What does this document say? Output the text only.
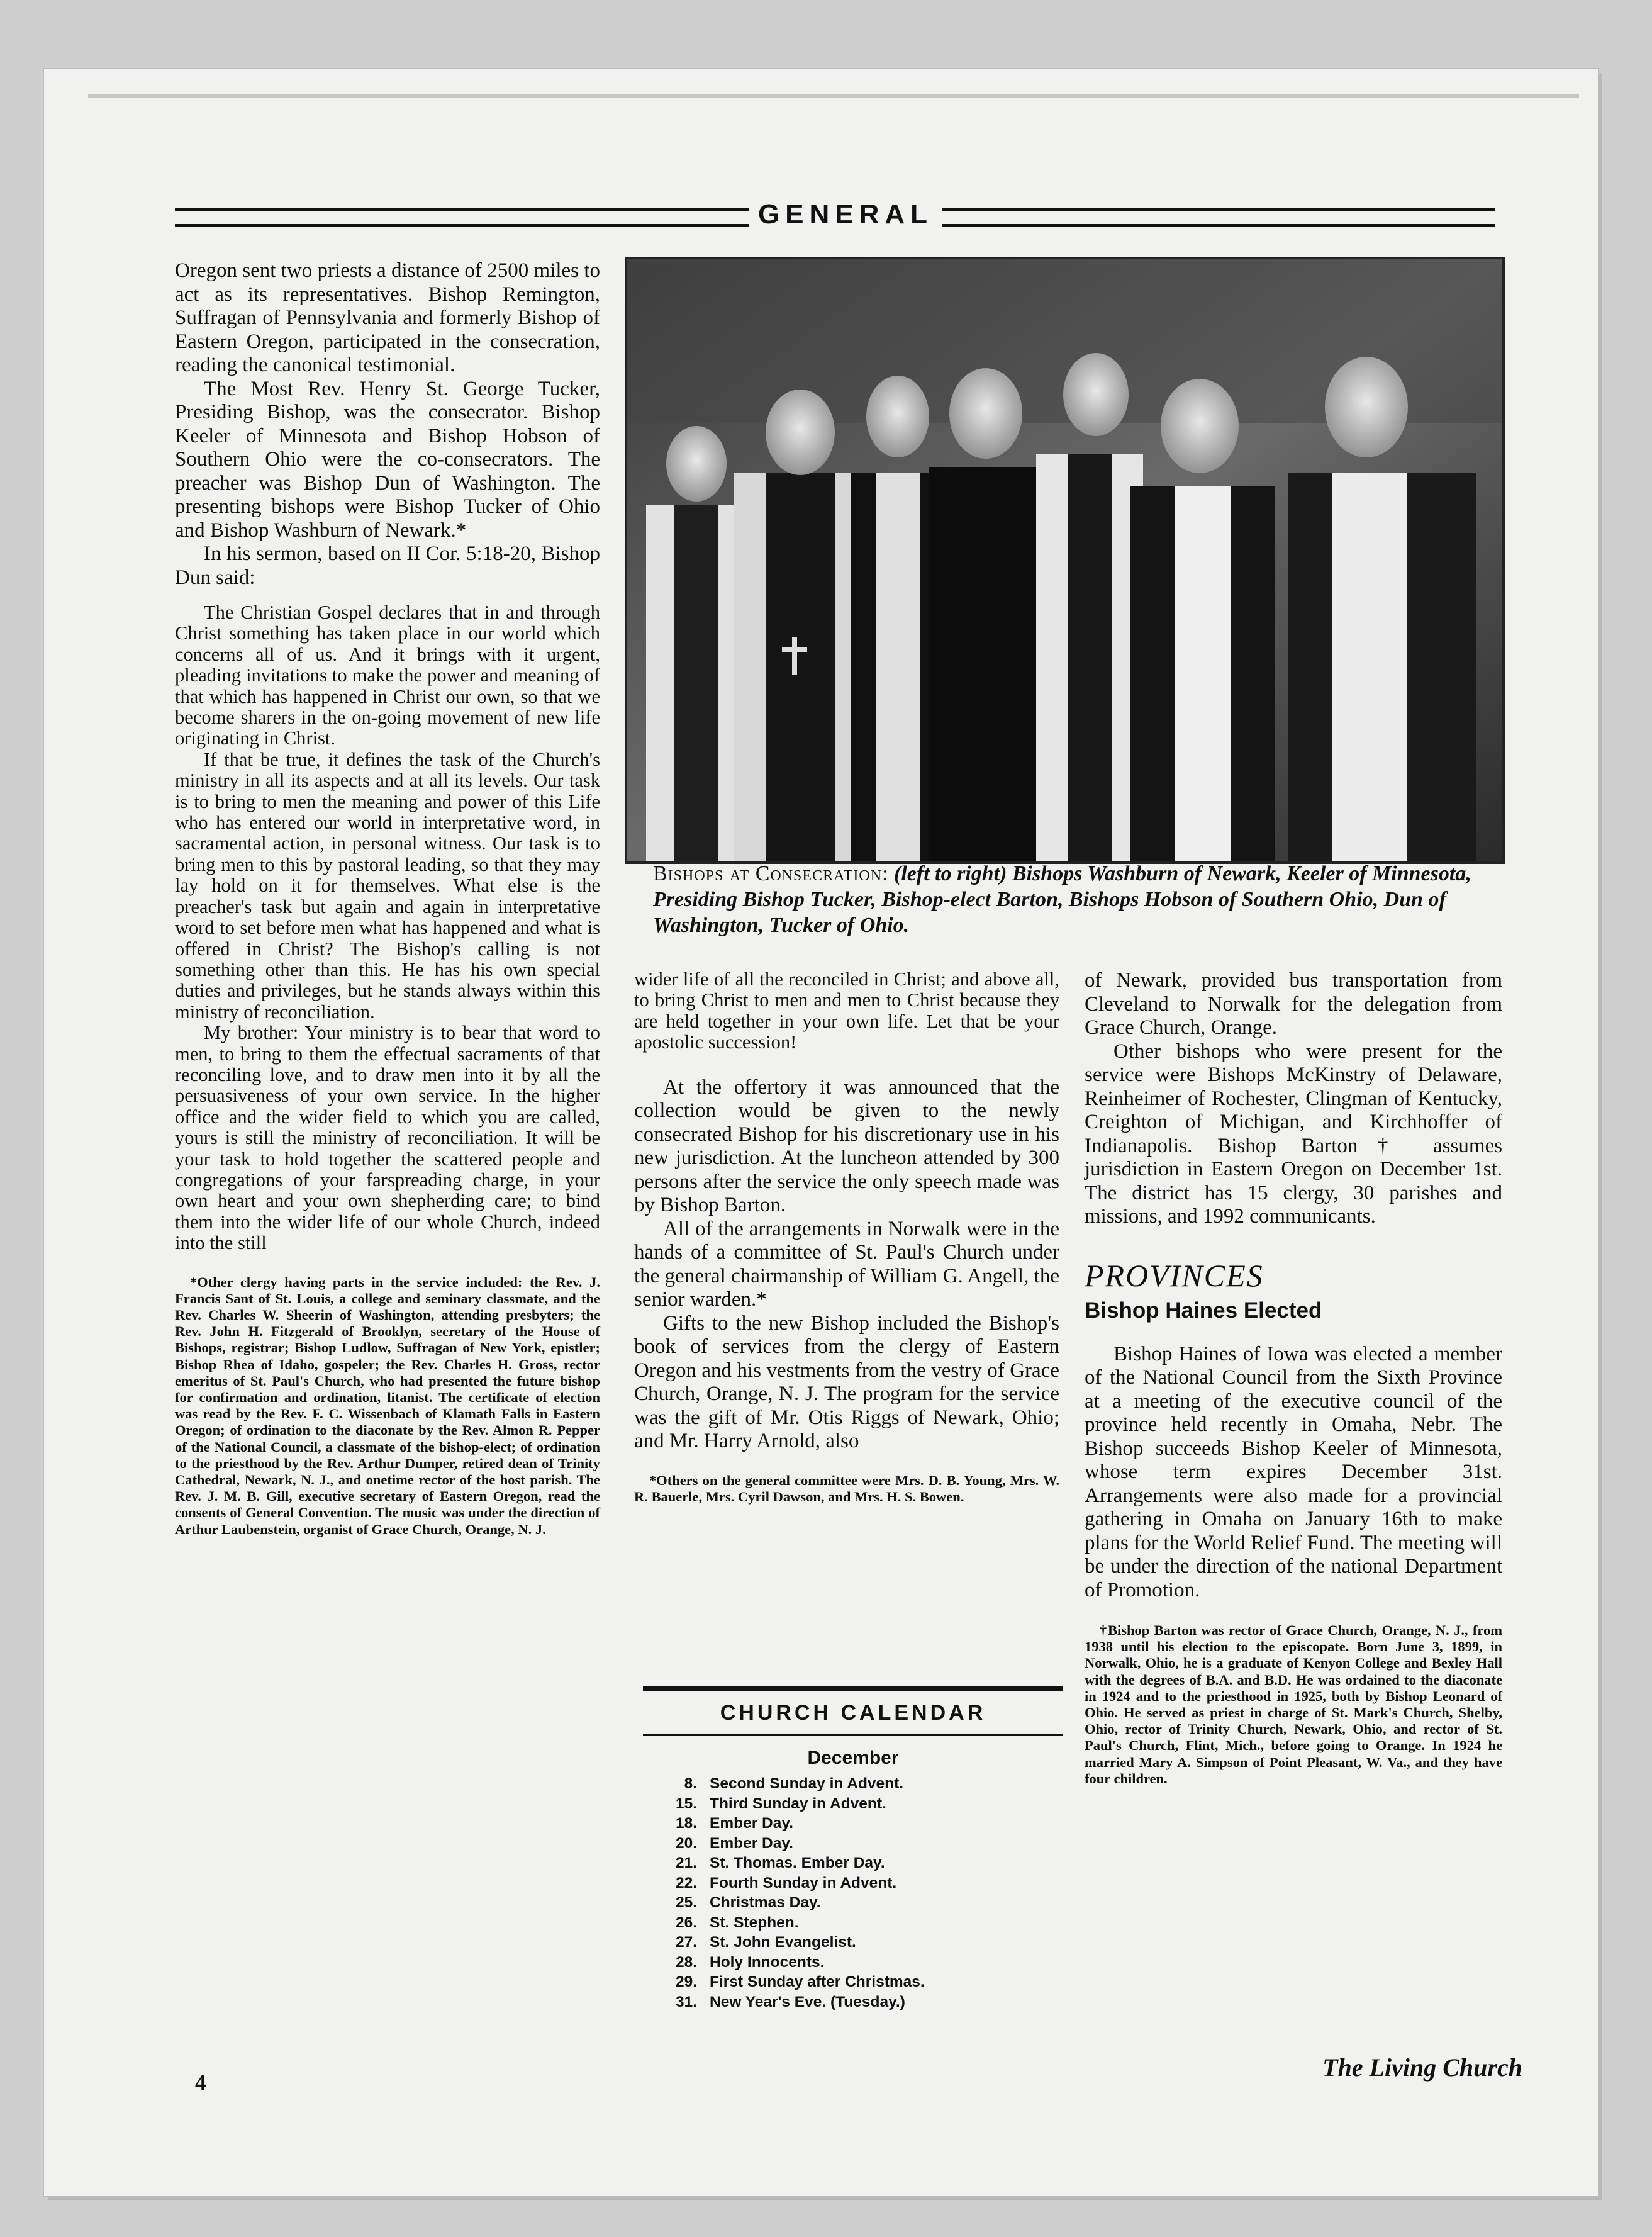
GENERAL

Oregon sent two priests a distance of 2500 miles to act as its representatives. Bishop Remington, Suffragan of Pennsylvania and formerly Bishop of Eastern Oregon, participated in the consecration, reading the canonical testimonial.

The Most Rev. Henry St. George Tucker, Presiding Bishop, was the consecrator. Bishop Keeler of Minnesota and Bishop Hobson of Southern Ohio were the co-consecrators. The preacher was Bishop Dun of Washington. The presenting bishops were Bishop Tucker of Ohio and Bishop Washburn of Newark.*

In his sermon, based on II Cor. 5:18-20, Bishop Dun said:

The Christian Gospel declares that in and through Christ something has taken place in our world which concerns all of us. And it brings with it urgent, pleading invitations to make the power and meaning of that which has happened in Christ our own, so that we become sharers in the on-going movement of new life originating in Christ.

If that be true, it defines the task of the Church's ministry in all its aspects and at all its levels. Our task is to bring to men the meaning and power of this Life who has entered our world in interpretative word, in sacramental action, in personal witness. Our task is to bring men to this by pastoral leading, so that they may lay hold on it for themselves. What else is the preacher's task but again and again in interpretative word to set before men what has happened and what is offered in Christ? The Bishop's calling is not something other than this. He has his own special duties and privileges, but he stands always within this ministry of reconciliation.

My brother: Your ministry is to bear that word to men, to bring to them the effectual sacraments of that reconciling love, and to draw men into it by all the persuasiveness of your own service. In the higher office and the wider field to which you are called, yours is still the ministry of reconciliation. It will be your task to hold together the scattered people and congregations of your farspreading charge, in your own heart and your own shepherding care; to bind them into the wider life of our whole Church, indeed into the still

*Other clergy having parts in the service included: the Rev. J. Francis Sant of St. Louis, a college and seminary classmate, and the Rev. Charles W. Sheerin of Washington, attending presbyters; the Rev. John H. Fitzgerald of Brooklyn, secretary of the House of Bishops, registrar; Bishop Ludlow, Suffragan of New York, epistler; Bishop Rhea of Idaho, gospeler; the Rev. Charles H. Gross, rector emeritus of St. Paul's Church, who had presented the future bishop for confirmation and ordination, litanist. The certificate of election was read by the Rev. F. C. Wissenbach of Klamath Falls in Eastern Oregon; of ordination to the diaconate by the Rev. Almon R. Pepper of the National Council, a classmate of the bishop-elect; of ordination to the priesthood by the Rev. Arthur Dumper, retired dean of Trinity Cathedral, Newark, N. J., and onetime rector of the host parish. The Rev. J. M. B. Gill, executive secretary of Eastern Oregon, read the consents of General Convention. The music was under the direction of Arthur Laubenstein, organist of Grace Church, Orange, N. J.

Bishops at Consecration: (left to right) Bishops Washburn of Newark, Keeler of Minnesota, Presiding Bishop Tucker, Bishop-elect Barton, Bishops Hobson of Southern Ohio, Dun of Washington, Tucker of Ohio.

wider life of all the reconciled in Christ; and above all, to bring Christ to men and men to Christ because they are held together in your own life. Let that be your apostolic succession!

At the offertory it was announced that the collection would be given to the newly consecrated Bishop for his discretionary use in his new jurisdiction. At the luncheon attended by 300 persons after the service the only speech made was by Bishop Barton.

All of the arrangements in Norwalk were in the hands of a committee of St. Paul's Church under the general chairmanship of William G. Angell, the senior warden.*

Gifts to the new Bishop included the Bishop's book of services from the clergy of Eastern Oregon and his vestments from the vestry of Grace Church, Orange, N. J. The program for the service was the gift of Mr. Otis Riggs of Newark, Ohio; and Mr. Harry Arnold, also

*Others on the general committee were Mrs. D. B. Young, Mrs. W. R. Bauerle, Mrs. Cyril Dawson, and Mrs. H. S. Bowen.

CHURCH CALENDAR
December
8. Second Sunday in Advent.
15. Third Sunday in Advent.
18. Ember Day.
20. Ember Day.
21. St. Thomas. Ember Day.
22. Fourth Sunday in Advent.
25. Christmas Day.
26. St. Stephen.
27. St. John Evangelist.
28. Holy Innocents.
29. First Sunday after Christmas.
31. New Year's Eve. (Tuesday.)

of Newark, provided bus transportation from Cleveland to Norwalk for the delegation from Grace Church, Orange.

Other bishops who were present for the service were Bishops McKinstry of Delaware, Reinheimer of Rochester, Clingman of Kentucky, Creighton of Michigan, and Kirchhoffer of Indianapolis. Bishop Barton† assumes jurisdiction in Eastern Oregon on December 1st. The district has 15 clergy, 30 parishes and missions, and 1992 communicants.

PROVINCES
Bishop Haines Elected

Bishop Haines of Iowa was elected a member of the National Council from the Sixth Province at a meeting of the executive council of the province held recently in Omaha, Nebr. The Bishop succeeds Bishop Keeler of Minnesota, whose term expires December 31st. Arrangements were also made for a provincial gathering in Omaha on January 16th to make plans for the World Relief Fund. The meeting will be under the direction of the national Department of Promotion.

†Bishop Barton was rector of Grace Church, Orange, N. J., from 1938 until his election to the episcopate. Born June 3, 1899, in Norwalk, Ohio, he is a graduate of Kenyon College and Bexley Hall with the degrees of B.A. and B.D. He was ordained to the diaconate in 1924 and to the priesthood in 1925, both by Bishop Leonard of Ohio. He served as priest in charge of St. Mark's Church, Shelby, Ohio, rector of Trinity Church, Newark, Ohio, and rector of St. Paul's Church, Flint, Mich., before going to Orange. In 1924 he married Mary A. Simpson of Point Pleasant, W. Va., and they have four children.

4
The Living Church
